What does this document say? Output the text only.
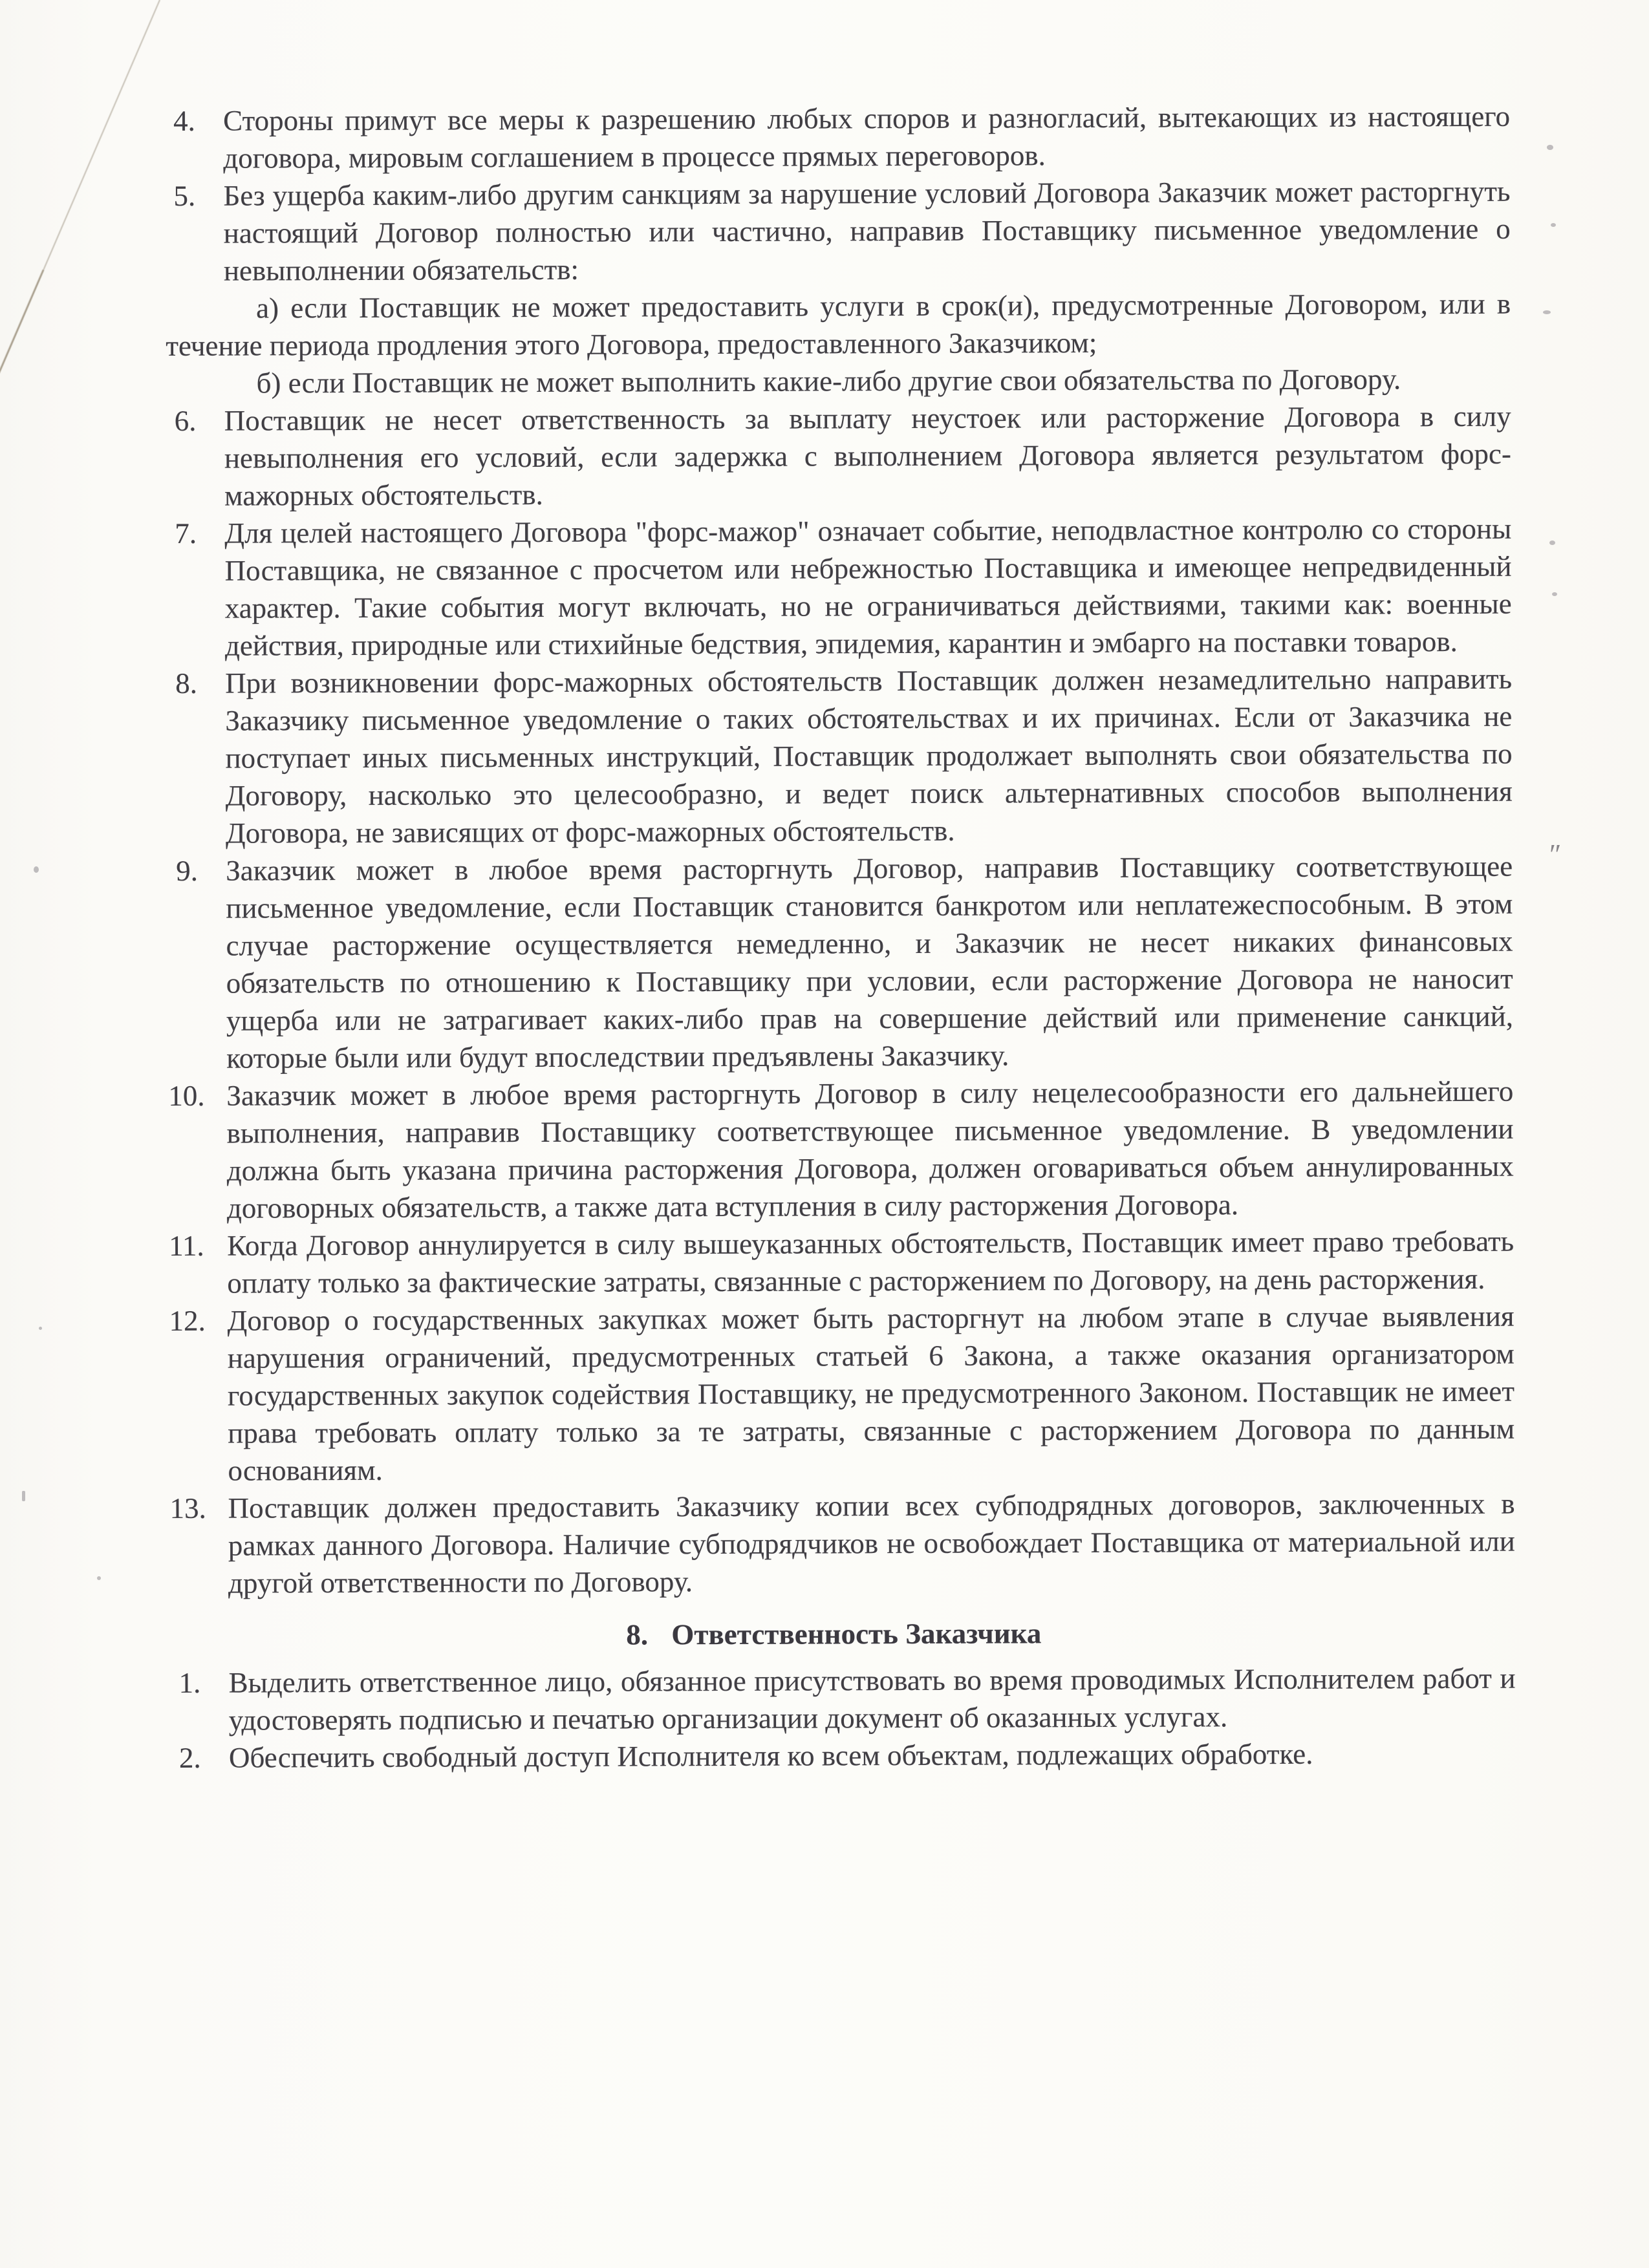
4. Стороны примут все меры к разрешению любых споров и разногласий, вытекающих из настоящего договора, мировым соглашением в процессе прямых переговоров.
5. Без ущерба каким-либо другим санкциям за нарушение условий Договора Заказчик может расторгнуть настоящий Договор полностью или частично, направив Поставщику письменное уведомление о невыполнении обязательств:
а) если Поставщик не может предоставить услуги в срок(и), предусмотренные Договором, или в течение периода продления этого Договора, предоставленного Заказчиком;
б) если Поставщик не может выполнить какие-либо другие свои обязательства по Договору.
6. Поставщик не несет ответственность за выплату неустоек или расторжение Договора в силу невыполнения его условий, если задержка с выполнением Договора является результатом форс-мажорных обстоятельств.
7. Для целей настоящего Договора "форс-мажор" означает событие, неподвластное контролю со стороны Поставщика, не связанное с просчетом или небрежностью Поставщика и имеющее непредвиденный характер. Такие события могут включать, но не ограничиваться действиями, такими как: военные действия, природные или стихийные бедствия, эпидемия, карантин и эмбарго на поставки товаров.
8. При возникновении форс-мажорных обстоятельств Поставщик должен незамедлительно направить Заказчику письменное уведомление о таких обстоятельствах и их причинах. Если от Заказчика не поступает иных письменных инструкций, Поставщик продолжает выполнять свои обязательства по Договору, насколько это целесообразно, и ведет поиск альтернативных способов выполнения Договора, не зависящих от форс-мажорных обстоятельств.
9. Заказчик может в любое время расторгнуть Договор, направив Поставщику соответствующее письменное уведомление, если Поставщик становится банкротом или неплатежеспособным. В этом случае расторжение осуществляется немедленно, и Заказчик не несет никаких финансовых обязательств по отношению к Поставщику при условии, если расторжение Договора не наносит ущерба или не затрагивает каких-либо прав на совершение действий или применение санкций, которые были или будут впоследствии предъявлены Заказчику.
10. Заказчик может в любое время расторгнуть Договор в силу нецелесообразности его дальнейшего выполнения, направив Поставщику соответствующее письменное уведомление. В уведомлении должна быть указана причина расторжения Договора, должен оговариваться объем аннулированных договорных обязательств, а также дата вступления в силу расторжения Договора.
11. Когда Договор аннулируется в силу вышеуказанных обстоятельств, Поставщик имеет право требовать оплату только за фактические затраты, связанные с расторжением по Договору, на день расторжения.
12. Договор о государственных закупках может быть расторгнут на любом этапе в случае выявления нарушения ограничений, предусмотренных статьей 6 Закона, а также оказания организатором государственных закупок содействия Поставщику, не предусмотренного Законом. Поставщик не имеет права требовать оплату только за те затраты, связанные с расторжением Договора по данным основаниям.
13. Поставщик должен предоставить Заказчику копии всех субподрядных договоров, заключенных в рамках данного Договора. Наличие субподрядчиков не освобождает Поставщика от материальной или другой ответственности по Договору.
8. Ответственность Заказчика
1. Выделить ответственное лицо, обязанное присутствовать во время проводимых Исполнителем работ и удостоверять подписью и печатью организации документ об оказанных услугах.
2. Обеспечить свободный доступ Исполнителя ко всем объектам, подлежащих обработке.
″
